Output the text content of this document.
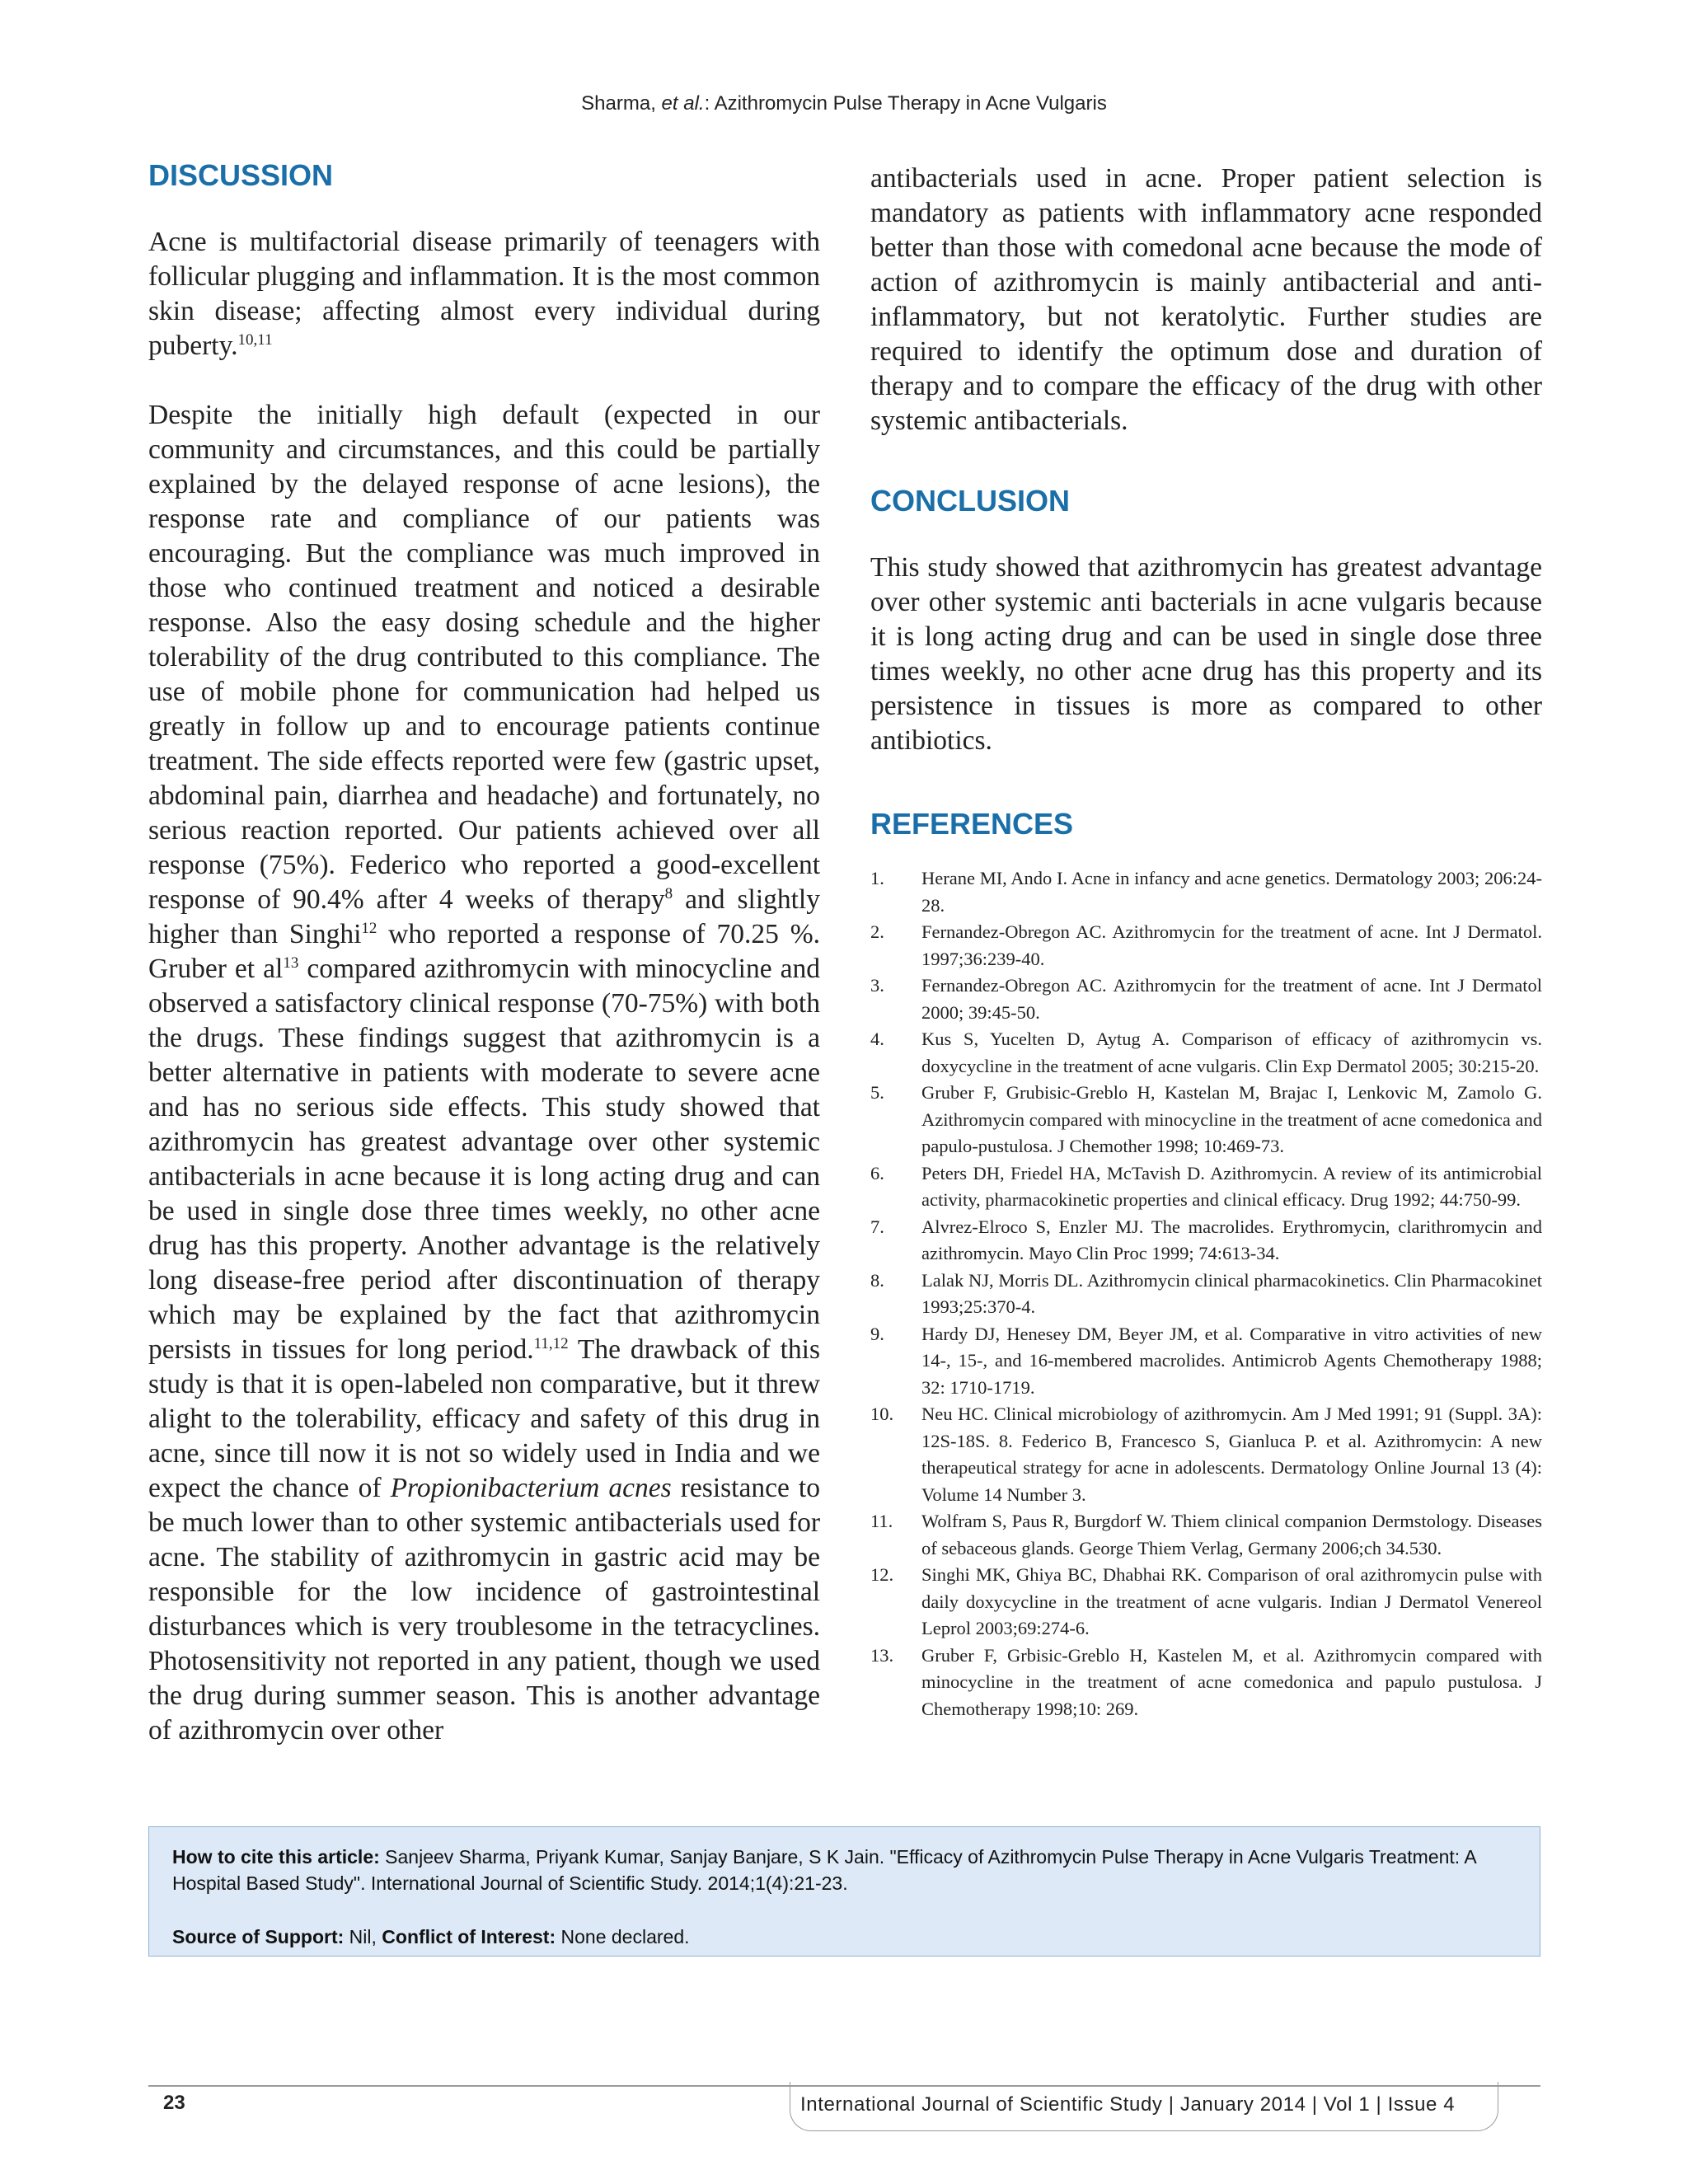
Sharma, et al.: Azithromycin Pulse Therapy in Acne Vulgaris
DISCUSSION

Acne is multifactorial disease primarily of teenagers with follicular plugging and inflammation. It is the most common skin disease; affecting almost every individual during puberty.$^{10,11}$

Despite the initially high default (expected in our community and circumstances, and this could be partially explained by the delayed response of acne lesions), the response rate and compliance of our patients was encouraging. But the compliance was much improved in those who continued treatment and noticed a desirable response. Also the easy dosing schedule and the higher tolerability of the drug contributed to this compliance. The use of mobile phone for communication had helped us greatly in follow up and to encourage patients continue treatment. The side effects reported were few (gastric upset, abdominal pain, diarrhea and headache) and fortunately, no serious reaction reported. Our patients achieved over all response (75%). Federico who reported a good-excellent response of 90.4% after 4 weeks of therapy$^8$ and slightly higher than Singhi$^{12}$ who reported a response of 70.25 %. Gruber et $al^{13}$ compared azithromycin with minocycline and observed a satisfactory clinical response (70-75%) with both the drugs. These findings suggest that azithromycin is a better alternative in patients with moderate to severe acne and has no serious side effects. This study showed that azithromycin has greatest advantage over other systemic antibacterials in acne because it is long acting drug and can be used in single dose three times weekly, no other acne drug has this property. Another advantage is the relatively long disease-free period after discontinuation of therapy which may be explained by the fact that azithromycin persists in tissues for long period.$^{11,12}$ The drawback of this study is that it is open-labeled non comparative, but it threw alight to the tolerability, efficacy and safety of this drug in acne, since till now it is not so widely used in India and we expect the chance of Propionibacterium acnes resistance to be much lower than to other systemic antibacterials used for acne. The stability of azithromycin in gastric acid may be responsible for the low incidence of gastrointestinal disturbances which is very troublesome in the tetracyclines. Photosensitivity not reported in any patient, though we used the drug during summer season. This is another advantage of azithromycin over other

antibacterials used in acne. Proper patient selection is mandatory as patients with inflammatory acne responded better than those with comedonal acne because the mode of action of azithromycin is mainly antibacterial and anti-inflammatory, but not keratolytic. Further studies are required to identify the optimum dose and duration of therapy and to compare the efficacy of the drug with other systemic antibacterials.

CONCLUSION

This study showed that azithromycin has greatest advantage over other systemic anti bacterials in acne vulgaris because it is long acting drug and can be used in single dose three times weekly, no other acne drug has this property and its persistence in tissues is more as compared to other antibiotics.

REFERENCES
1. Herane MI, Ando I. Acne in infancy and acne genetics. Dermatology 2003; 206:24-28.
2. Fernandez-Obregon AC. Azithromycin for the treatment of acne. Int J Dermatol. 1997;36:239-40.
3. Fernandez-Obregon AC. Azithromycin for the treatment of acne. Int J Dermatol 2000; 39:45-50.
4. Kus S, Yucelten D, Aytug A. Comparison of efficacy of azithromycin vs. doxycycline in the treatment of acne vulgaris. Clin Exp Dermatol 2005; 30:215-20.
5. Gruber F, Grubisic-Greblo H, Kastelan M, Brajac I, Lenkovic M, Zamolo G. Azithromycin compared with minocycline in the treatment of acne comedonica and papulo-pustulosa. J Chemother 1998; 10:469-73.
6. Peters DH, Friedel HA, McTavish D. Azithromycin. A review of its antimicrobial activity, pharmacokinetic properties and clinical efficacy. Drug 1992; 44:750-99.
7. Alvrez-Elroco S, Enzler MJ. The macrolides. Erythromycin, clarithromycin and azithromycin. Mayo Clin Proc 1999; 74:613-34.
8. Lalak NJ, Morris DL. Azithromycin clinical pharmacokinetics. Clin Pharmacokinet 1993;25:370-4.
9. Hardy DJ, Henesey DM, Beyer JM, et al. Comparative in vitro activities of new 14-, 15-, and 16-membered macrolides. Antimicrob Agents Chemotherapy 1988; 32: 1710-1719.
10. Neu HC. Clinical microbiology of azithromycin. Am J Med 1991; 91 (Suppl. 3A): 12S-18S. 8. Federico B, Francesco S, Gianluca P. et al. Azithromycin: A new therapeutical strategy for acne in adolescents. Dermatology Online Journal 13 (4): Volume 14 Number 3.
11. Wolfram S, Paus R, Burgdorf W. Thiem clinical companion Dermstology. Diseases of sebaceous glands. George Thiem Verlag, Germany 2006;ch 34.530.
12. Singhi MK, Ghiya BC, Dhabhai RK. Comparison of oral azithromycin pulse with daily doxycycline in the treatment of acne vulgaris. Indian J Dermatol Venereol Leprol 2003;69:274-6.
13. Gruber F, Grbisic-Greblo H, Kastelen M, et al. Azithromycin compared with minocycline in the treatment of acne comedonica and papulo pustulosa. J Chemotherapy 1998;10: 269.

How to cite this article: Sanjeev Sharma, Priyank Kumar, Sanjay Banjare, S K Jain. "Efficacy of Azithromycin Pulse Therapy in Acne Vulgaris Treatment: A Hospital Based Study". International Journal of Scientific Study. 2014;1(4):21-23.

Source of Support: Nil, Conflict of Interest: None declared.

23	International Journal of Scientific Study | January 2014 | Vol 1 | Issue 4
